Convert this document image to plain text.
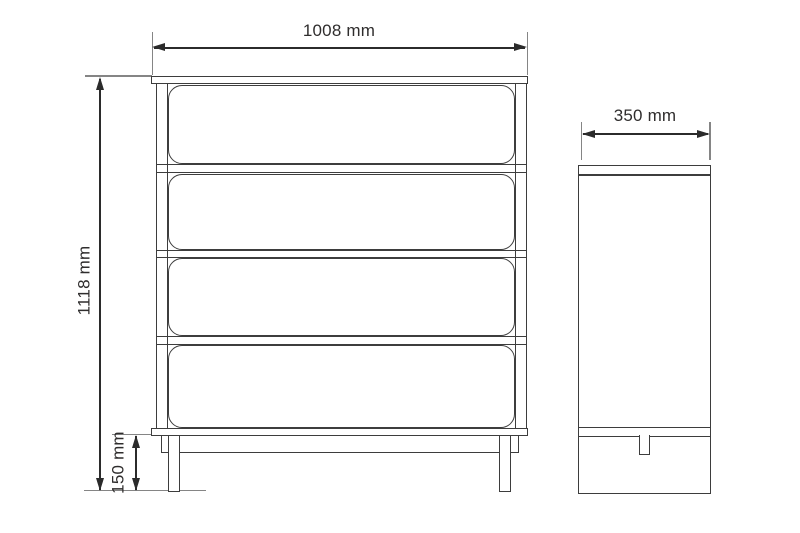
1008 mm
1118 mm
150 mm
350 mm
